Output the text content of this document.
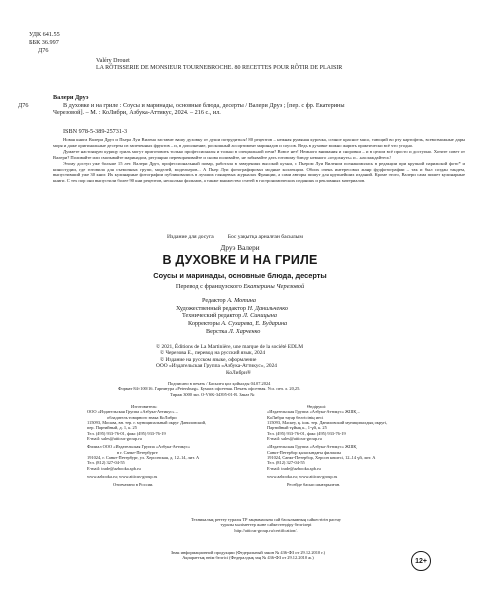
УДК 641.55
ББК 36.997
Д76
Valéry Drouet
LA RÔTISSERIE DE MONSIEUR TOURNEBROCHE. 80 RECETTES POUR RÔTIR DE PLAISIR
Д76
Валери Друэ
В духовке и на гриле : Соусы и маринады, основные блюда, десерты / Валери Друэ ; [пер. с фр. Екатерины
Черезовой]. – М. : КоЛибри, Азбука-Аттикус, 2024. – 216 с., ил.
ISBN 978-5-389-25731-3

Новая книга Валери Друэ и Пьера Луи Вилена заставит вашу духовку от души потрудиться! 80 рецептов – нежная румяная курочка, сочное красное мясо, тающий во рту картофель, всевозможные дары моря и даже оригинальные десерты из запеченных фруктов – и, в дополнение, роскошный ассортимент маринадов и соусов. Ведь в духовке можно жарить практически всё что угодно.

Думаете настоящую курицу гриль могут приготовить только профессионалы и только в специальной печи? Вовсе нет! Немного внимания и сноровки – и в целом всё просто и доступно. Хотите совет от Валери? Поливайте или смазывайте маринадом, регулярно переворачивайте и снова поливайте, не забывайте дать готовому блюду немного «отдохнуть» и…наслаждайтесь!

Этому доступ уже больше 15 лет. Валери Друэ, профессиональный повар, работала в заведениях высокой кухни, с Пьером Луи Виленом познакомилась в редакции при крупной парижской фото* и киностудии, где готовила для съемочных групп, моделей, модельеров... А Пьер Луи фотографировал модные коллекции. Обоих очень интересовал жанр фудфотографии – так и был создан тандем, выпустивший уже 30 книг. Их кулинарные фотографии публиковались в лучших глянцевых журналах Франции, а сами авторы пишут для крупнейших изданий. Кроме этого, Валери сама пишет кулинарные книги. С тех пор они выпустили более 90 кни рецептов, несколько фильмов, а также множество статей в гастрономических изданиях и рекламных материалов.

Издание для досуга	Бос уақытқа арналған басылым
Друэ Валери
В ДУХОВКЕ И НА ГРИЛЕ
Соусы и маринады, основные блюда, десерты
Перевод с французского Екатерины Черезовой
Редактор А. Мотина
Художественный редактор Н. Данильченко
Технический редактор Л. Синицына
Корректоры А. Сухарева, Е. Бударина
Верстка Л. Харченко
© 2021, Éditions de La Martinière, une marque de la société EDLM
© Черезова Е., перевод на русский язык, 2024
© Издание на русском языке, оформление
ООО «Издательская Группа «Азбука-Аттикус», 2024
КоЛибри®
Подписано в печать / Басылға қол қойылды 04.07.2024
Формат 84×100/16. Гарнитура «Petersburg». Бумага офсетная. Печать офсетная. Усл. печ. л. 20,25.
Тираж 3000 экз. O-VSK-34395-01-R. Заказ №
Изготовитель:
ООО «Издательская Группа «Азбука-Аттикус» –
обладатель товарного знака КоЛибри
115093, Москва, вн. тер. г. муниципальный округ Даниловский,
пер. Партийный, д. 1, к. 25
Тел. (495) 933-76-01, факс (495) 933-76-19
E-mail: sales@atticus-group.ru
Филиал ООО «Издательская Группа «Азбука-Аттикус»
в г. Санкт-Петербурге
191024, г. Санкт-Петербург, ул. Херсонская, д. 12–14, лит. А
Тел. (812) 327-04-55
E-mail: trade@azbooka.spb.ru
www.azbooka.ru; www.atticus-group.ru
Отпечатано в России.
Өндіруші:
«Издательская Группа «Азбука-Аттикус» ЖШҚ –
КоЛибри тауар белгісінің иесі
115093, Мәскеу, қ. ішк. тер. Даниловский муниципалдық округі,
Партийный тұйық к., 1-үй, к. 25
Тел. (495) 933-76-01, факс (495) 933-76-19
E-mail: sales@atticus-group.ru
«Издательская Группа «Азбука-Аттикус» ЖШҚ
Санкт-Петербор қаласындағы филиалы
191024, Санкт-Петербор, Херсон көшесі, 12–14 үй, лит. А
Тел. (812) 327-04-55
E-mail: trade@azbooka.spb.ru
www.azbooka.ru; www.atticus-group.ru
Ресейде басып шығарылған.
Техникалық реттеу туралы ТР заңнамасына сай басылымның сәйкестігін растау
туралы мәліметтер және сәйкестендіру белгілері
http://atticus-group.ru/certification/.
Знак информационной продукции (Федеральный закон № 436-ФЗ от 29.12.2010 г.)
Ақпараттық өнім белгісі (Федералдық заң № 436-ФЗ от 29.12.2010 ж.)	12+
